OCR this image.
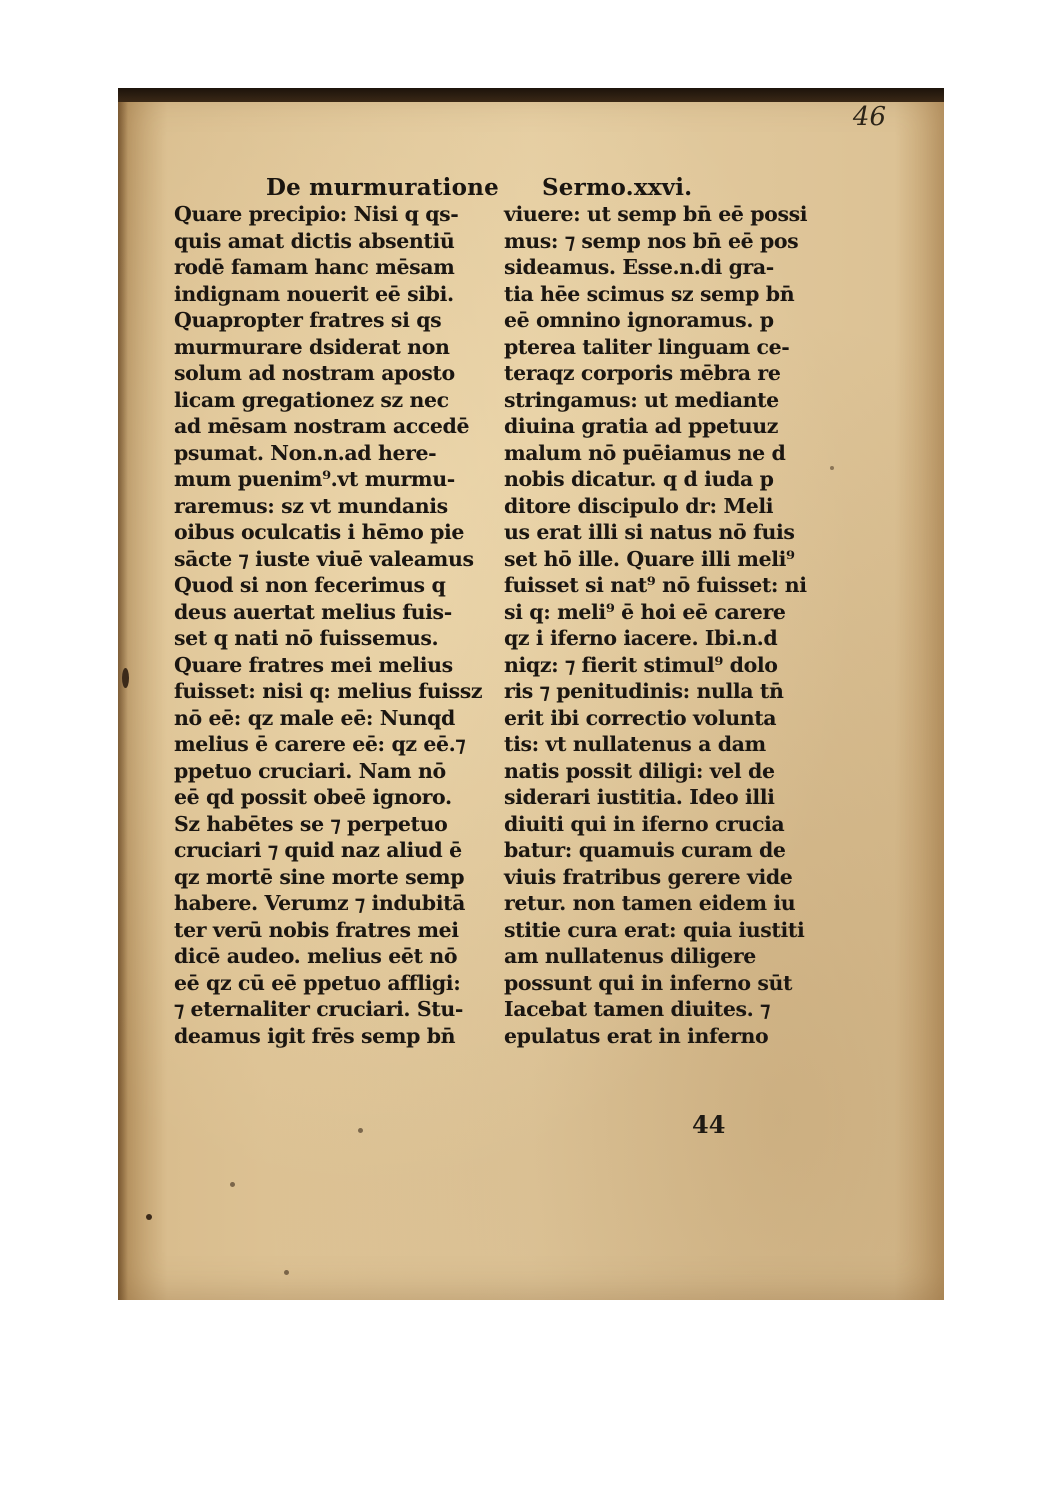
46
De murmuratione Sermo.xxvi.
Quare precipio: Nisi q qs-
quis amat dictis absentiū
rodē famam hanc mēsam
indignam nouerit eē sibi.
Quapropter fratres si qs
murmurare dsiderat non
solum ad nostram aposto
licam gregationez sz nec
ad mēsam nostram accedē
psumat. Non.n.ad here-
mum puenim⁹.vt murmu-
raremus: sz vt mundanis
oibus oculcatis i hēmo pie
sācte ⁊ iuste viuē valeamus
Quod si non fecerimus q
deus auertat melius fuis-
set q nati nō fuissemus.
Quare fratres mei melius
fuisset: nisi q: melius fuissz
nō eē: qz male eē: Nunqd
melius ē carere eē: qz eē.⁊
ppetuo cruciari. Nam nō
eē qd possit obeē ignoro.
Sz habētes se ⁊ perpetuo
cruciari ⁊ quid naz aliud ē
qz mortē sine morte semp
habere. Verumz ⁊ indubitā
ter verū nobis fratres mei
dicē audeo. melius eēt nō
eē qz cū eē ppetuo affligi:
⁊ eternaliter cruciari. Stu-
deamus igit frēs semp bn̄
viuere: ut semp bn̄ eē possi
mus: ⁊ semp nos bn̄ eē pos
sideamus. Esse.n.di gra-
tia hēe scimus sz semp bn̄
eē omnino ignoramus. p
pterea taliter linguam ce-
teraqz corporis mēbra re
stringamus: ut mediante
diuina gratia ad ppetuuz
malum nō puēiamus ne d
nobis dicatur. q d iuda p
ditore discipulo dr: Meli
us erat illi si natus nō fuis
set hō ille. Quare illi meli⁹
fuisset si nat⁹ nō fuisset: ni
si q: meli⁹ ē hoi eē carere
qz i iferno iacere. Ibi.n.d
niqz: ⁊ fierit stimul⁹ dolo
ris ⁊ penitudinis: nulla tn̄
erit ibi correctio volunta
tis: vt nullatenus a dam
natis possit diligi: vel de
siderari iustitia. Ideo illi
diuiti qui in iferno crucia
batur: quamuis curam de
viuis fratribus gerere vide
retur. non tamen eidem iu
stitie cura erat: quia iustiti
am nullatenus diligere
possunt qui in inferno sūt
Iacebat tamen diuites. ⁊
epulatus erat in inferno
44
